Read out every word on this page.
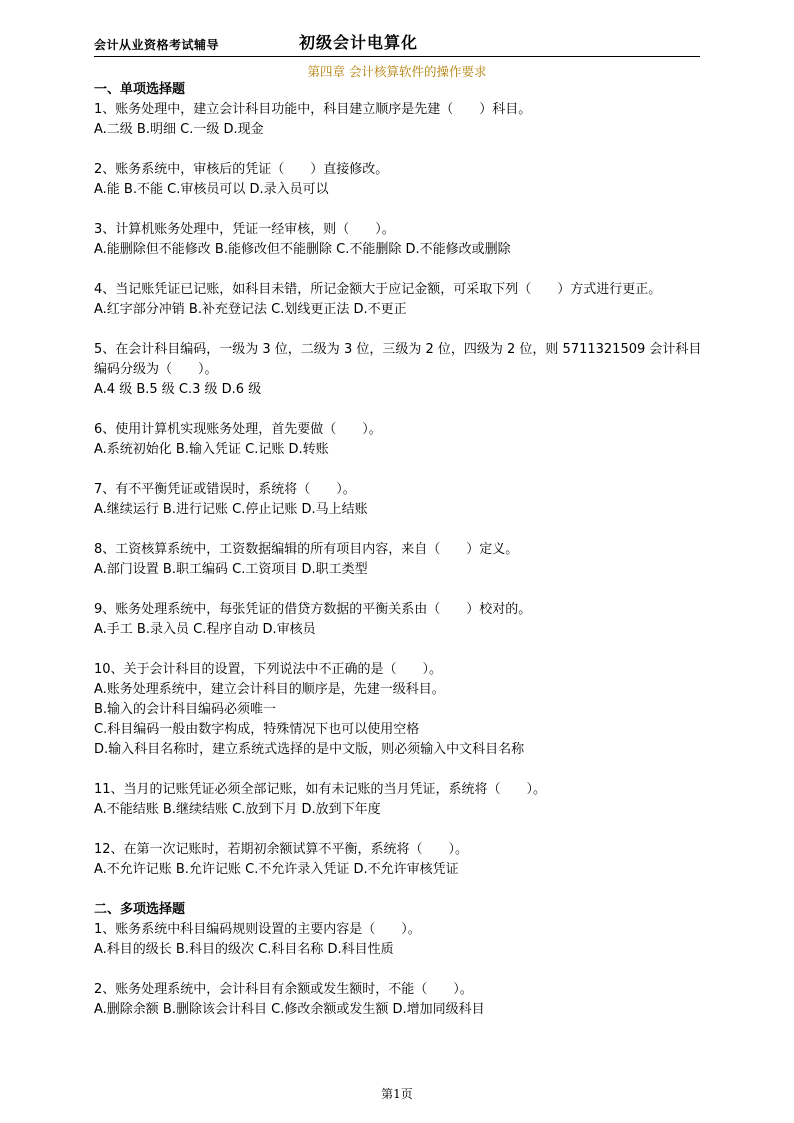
会计从业资格考试辅导	初级会计电算化
第四章 会计核算软件的操作要求
一、单项选择题
1、账务处理中，建立会计科目功能中，科目建立顺序是先建（　　）科目。
A.二级 B.明细 C.一级 D.现金
2、账务系统中，审核后的凭证（　　）直接修改。
A.能 B.不能 C.审核员可以 D.录入员可以
3、计算机账务处理中，凭证一经审核，则（　　）。
A.能删除但不能修改 B.能修改但不能删除 C.不能删除 D.不能修改或删除
4、当记账凭证已记账，如科目未错，所记金额大于应记金额，可采取下列（　　）方式进行更正。
A.红字部分冲销 B.补充登记法 C.划线更正法 D.不更正
5、在会计科目编码，一级为 3 位，二级为 3 位，三级为 2 位，四级为 2 位，则 5711321509 会计科目编码分级为（　　）。
A.4 级 B.5 级 C.3 级 D.6 级
6、使用计算机实现账务处理，首先要做（　　）。
A.系统初始化 B.输入凭证 C.记账 D.转账
7、有不平衡凭证或错误时，系统将（　　）。
A.继续运行 B.进行记账 C.停止记账 D.马上结账
8、工资核算系统中，工资数据编辑的所有项目内容，来自（　　）定义。
A.部门设置 B.职工编码 C.工资项目 D.职工类型
9、账务处理系统中，每张凭证的借贷方数据的平衡关系由（　　）校对的。
A.手工 B.录入员 C.程序自动 D.审核员
10、关于会计科目的设置，下列说法中不正确的是（　　）。
A.账务处理系统中，建立会计科目的顺序是，先建一级科目。
B.输入的会计科目编码必须唯一
C.科目编码一般由数字构成，特殊情况下也可以使用空格
D.输入科目名称时，建立系统式选择的是中文版，则必须输入中文科目名称
11、当月的记账凭证必须全部记账，如有未记账的当月凭证，系统将（　　）。
A.不能结账 B.继续结账 C.放到下月 D.放到下年度
12、在第一次记账时，若期初余额试算不平衡，系统将（　　）。
A.不允许记账 B.允许记账 C.不允许录入凭证 D.不允许审核凭证
二、多项选择题
1、账务系统中科目编码规则设置的主要内容是（　　）。
A.科目的级长 B.科目的级次 C.科目名称 D.科目性质
2、账务处理系统中，会计科目有余额或发生额时，不能（　　）。
A.删除余额 B.删除该会计科目 C.修改余额或发生额 D.增加同级科目
第1页
